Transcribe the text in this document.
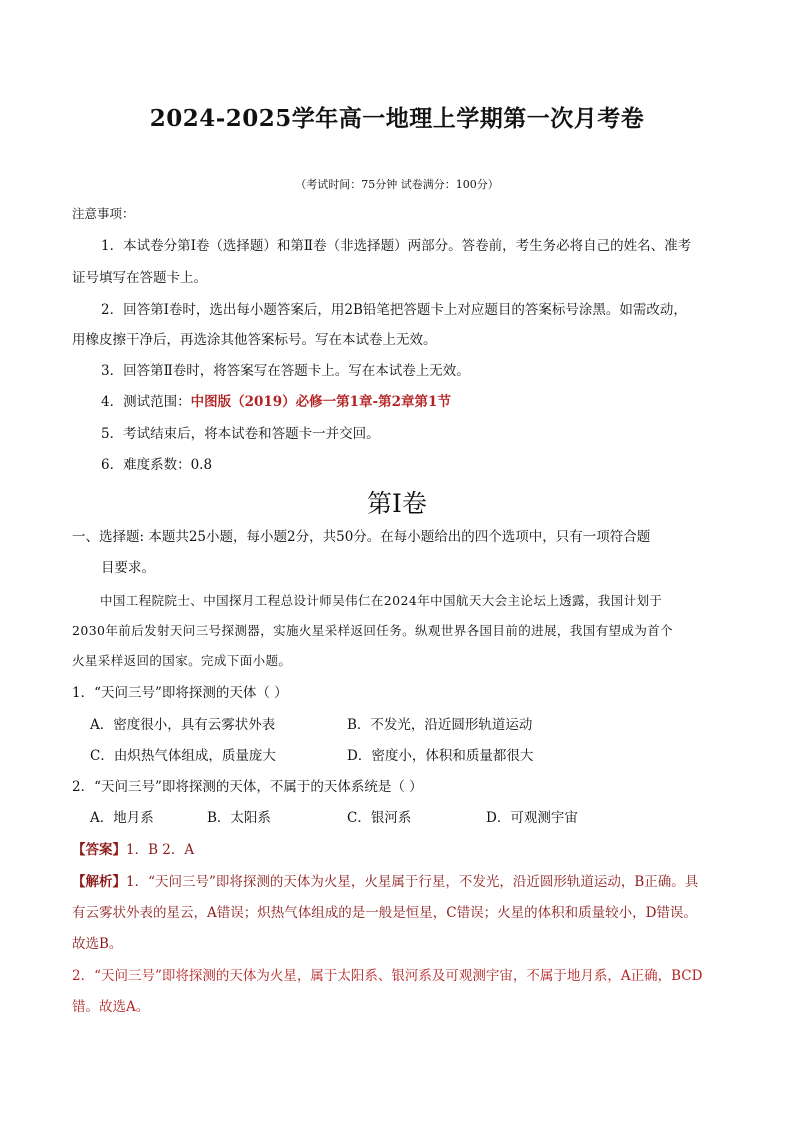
2024-2025学年高一地理上学期第一次月考卷
（考试时间：75分钟 试卷满分：100分）
注意事项：
1．本试卷分第Ⅰ卷（选择题）和第Ⅱ卷（非选择题）两部分。答卷前，考生务必将自己的姓名、准考
证号填写在答题卡上。
2．回答第Ⅰ卷时，选出每小题答案后，用2B铅笔把答题卡上对应题目的答案标号涂黑。如需改动，
用橡皮擦干净后，再选涂其他答案标号。写在本试卷上无效。
3．回答第Ⅱ卷时，将答案写在答题卡上。写在本试卷上无效。
4．测试范围：中图版（2019）必修一第1章-第2章第1节
5．考试结束后，将本试卷和答题卡一并交回。
6．难度系数：0.8
第Ⅰ卷
一、选择题: 本题共25小题，每小题2分，共50分。在每小题给出的四个选项中，只有一项符合题
目要求。
中国工程院院士、中国探月工程总设计师吴伟仁在2024年中国航天大会主论坛上透露，我国计划于
2030年前后发射天问三号探测器，实施火星采样返回任务。纵观世界各国目前的进展，我国有望成为首个
火星采样返回的国家。完成下面小题。
1．“天问三号”即将探测的天体（ ）
A．密度很小，具有云雾状外表	B．不发光，沿近圆形轨道运动
C．由炽热气体组成，质量庞大	D．密度小，体积和质量都很大
2．“天问三号”即将探测的天体，不属于的天体系统是（ ）
A．地月系	B．太阳系	C．银河系	D．可观测宇宙
【答案】1．B 2．A
【解析】1．“天问三号”即将探测的天体为火星，火星属于行星，不发光，沿近圆形轨道运动，B正确。具
有云雾状外表的星云，A错误；炽热气体组成的是一般是恒星，C错误；火星的体积和质量较小，D错误。
故选B。
2．“天问三号”即将探测的天体为火星，属于太阳系、银河系及可观测宇宙，不属于地月系，A正确，BCD
错。故选A。
